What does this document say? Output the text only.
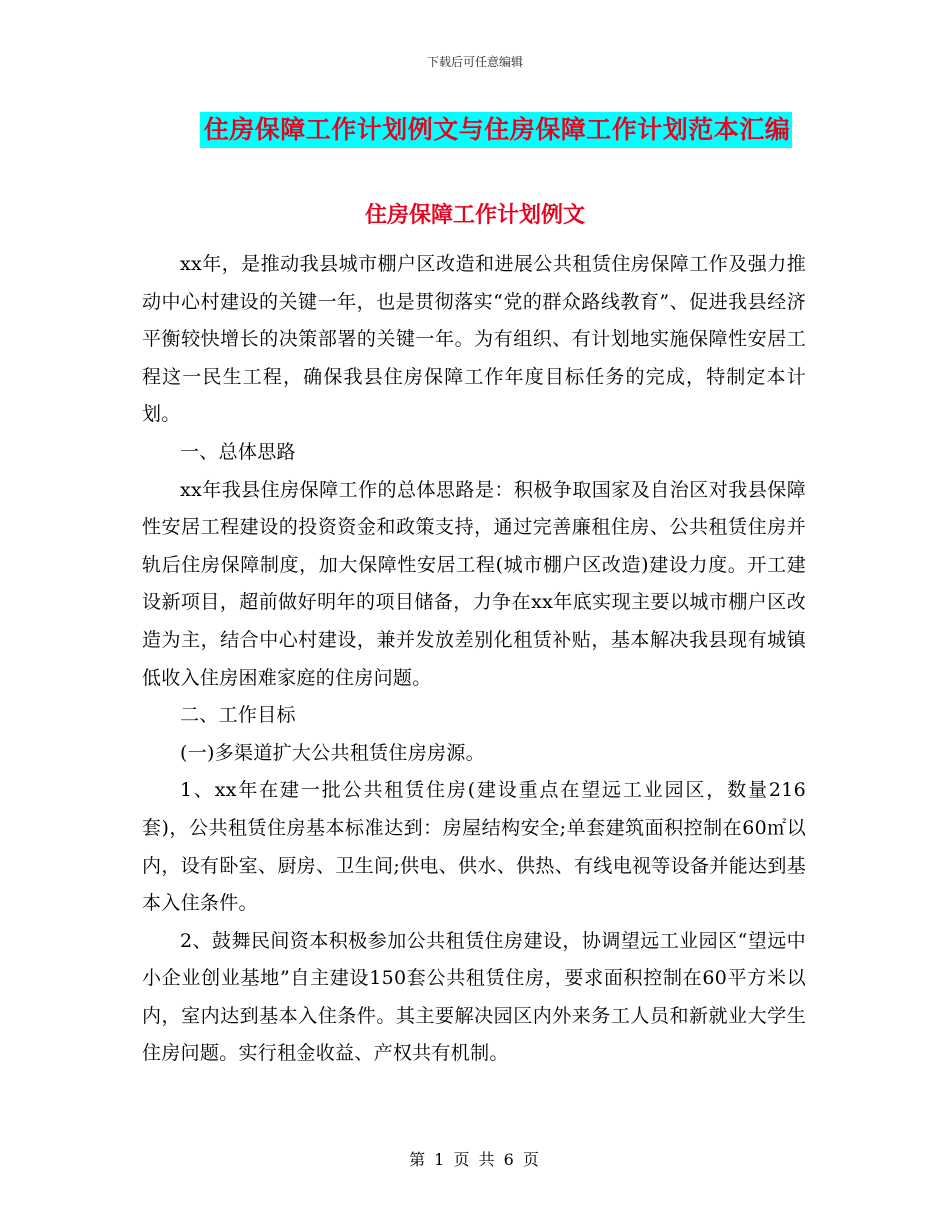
下载后可任意编辑
住房保障工作计划例文与住房保障工作计划范本汇编
住房保障工作计划例文

xx年，是推动我县城市棚户区改造和进展公共租赁住房保障工作及强力推动中心村建设的关键一年，也是贯彻落实“党的群众路线教育”、促进我县经济平衡较快增长的决策部署的关键一年。为有组织、有计划地实施保障性安居工程这一民生工程，确保我县住房保障工作年度目标任务的完成，特制定本计划。

一、总体思路

xx年我县住房保障工作的总体思路是：积极争取国家及自治区对我县保障性安居工程建设的投资资金和政策支持，通过完善廉租住房、公共租赁住房并轨后住房保障制度，加大保障性安居工程(城市棚户区改造)建设力度。开工建设新项目，超前做好明年的项目储备，力争在xx年底实现主要以城市棚户区改造为主，结合中心村建设，兼并发放差别化租赁补贴，基本解决我县现有城镇低收入住房困难家庭的住房问题。

二、工作目标

(一)多渠道扩大公共租赁住房房源。

1、xx年在建一批公共租赁住房(建设重点在望远工业园区，数量216套)，公共租赁住房基本标准达到：房屋结构安全;单套建筑面积控制在60㎡以内，设有卧室、厨房、卫生间;供电、供水、供热、有线电视等设备并能达到基本入住条件。

2、鼓舞民间资本积极参加公共租赁住房建设，协调望远工业园区“望远中小企业创业基地”自主建设150套公共租赁住房，要求面积控制在60平方米以内，室内达到基本入住条件。其主要解决园区内外来务工人员和新就业大学生住房问题。实行租金收益、产权共有机制。

第 1 页 共 6 页
